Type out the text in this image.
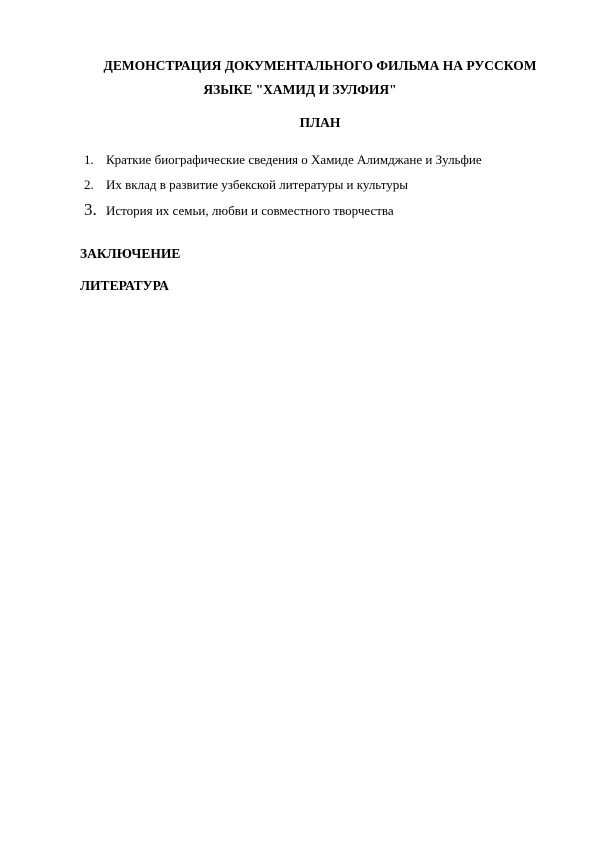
ДЕМОНСТРАЦИЯ ДОКУМЕНТАЛЬНОГО ФИЛЬМА НА РУССКОМ
ЯЗЫКЕ "ХАМИД И ЗУЛФИЯ"
ПЛАН
1. Краткие биографические сведения о Хамиде Алимджане и Зульфие
2. Их вклад в развитие узбекской литературы и культуры
3. История их семьи, любви и совместного творчества
ЗАКЛЮЧЕНИЕ
ЛИТЕРАТУРА
